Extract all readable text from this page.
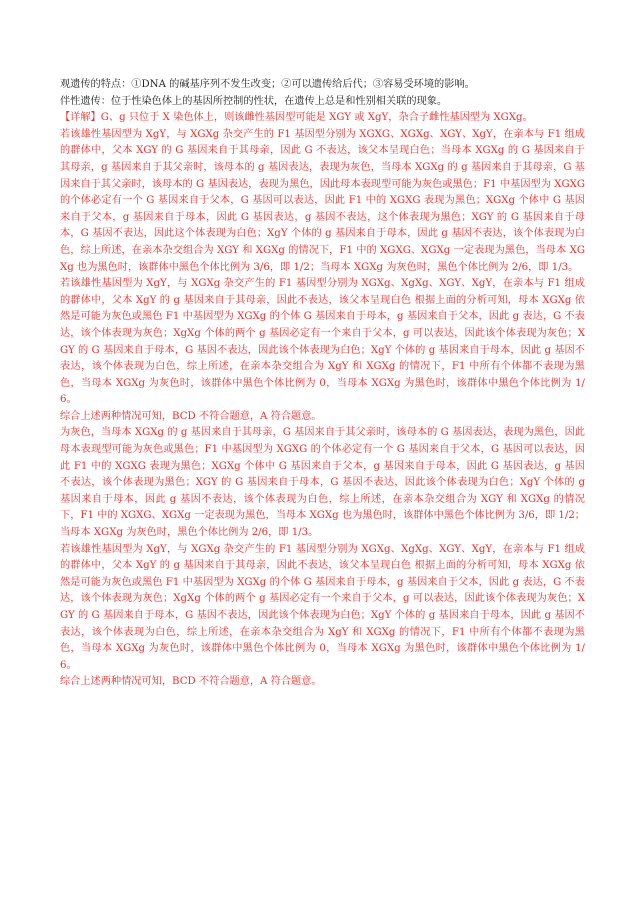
观遗传的特点：①DNA 的碱基序列不发生改变；②可以遗传给后代；③容易受环境的影响。

伴性遗传：位于性染色体上的基因所控制的性状，在遗传上总是和性别相关联的现象。

【详解】G、g 只位于 X 染色体上，则该雌性基因型可能是 XGY 或 XgY，杂合子雌性基因型为 XGXg。

若该雄性基因型为 XgY，与 XGXg 杂交产生的 F1 基因型分别为 XGXG、XGXg、XGY、XgY，在亲本与 F1 组成的群体中，父本 XGY 的 G 基因来自于其母亲，因此 G 不表达，该父本呈现白色；当母本 XGXg 的 G 基因来自于其母亲，g 基因来自于其父亲时，该母本的 g 基因表达，表现为灰色，当母本 XGXg 的 g 基因来自于其母亲，G 基因来自于其父亲时，该母本的 G 基因表达，表现为黑色，因此母本表现型可能为灰色或黑色；F1 中基因型为 XGXG 的个体必定有一个 G 基因来自于父本，G 基因可以表达，因此 F1 中的 XGXG 表现为黑色；XGXg 个体中 G 基因来自于父本，g 基因来自于母本，因此 G 基因表达，g 基因不表达，这个体表现为黑色；XGY 的 G 基因来自于母本，G 基因不表达，因此这个体表现为白色；XgY 个体的 g 基因来自于母本，因此 g 基因不表达，该个体表现为白色，综上所述，在亲本杂交组合为 XGY 和 XGXg 的情况下，F1 中的 XGXG、XGXg 一定表现为黑色，当母本 XGXg 也为黑色时，该群体中黑色个体比例为 3/6，即 1/2；当母本 XGXg 为灰色时，黑色个体比例为 2/6，即 1/3。

若该雄性基因型为 XgY，与 XGXg 杂交产生的 F1 基因型分别为 XGXg、XgXg、XGY、XgY，在亲本与 F1 组成的群体中，父本 XgY 的 g 基因来自于其母亲，因此不表达，该父本呈现白色 根据上面的分析可知，母本 XGXg 依然是可能为灰色或黑色 F1 中基因型为 XGXg 的个体 G 基因来自于母本，g 基因来自于父本，因此 g 表达，G 不表达，该个体表现为灰色；XgXg 个体的两个 g 基因必定有一个来自于父本，g 可以表达，因此该个体表现为灰色；XGY 的 G 基因来自于母本，G 基因不表达，因此该个体表现为白色；XgY 个体的 g 基因来自于母本，因此 g 基因不表达，该个体表现为白色，综上所述，在亲本杂交组合为 XgY 和 XGXg 的情况下，F1 中所有个体都不表现为黑色，当母本 XGXg 为灰色时，该群体中黑色个体比例为 0，当母本 XGXg 为黑色时，该群体中黑色个体比例为 1/6。

综合上述两种情况可知，BCD 不符合题意，A 符合题意。

为灰色，当母本 XGXg 的 g 基因来自于其母亲，G 基因来自于其父亲时，该母本的 G 基因表达，表现为黑色，因此母本表现型可能为灰色或黑色；F1 中基因型为 XGXG 的个体必定有一个 G 基因来自于父本，G 基因可以表达，因此 F1 中的 XGXG 表现为黑色；XGXg 个体中 G 基因来自于父本，g 基因来自于母本，因此 G 基因表达，g 基因不表达，该个体表现为黑色；XGY 的 G 基因来自于母本，G 基因不表达，因此该个体表现为白色；XgY 个体的 g 基因来自于母本，因此 g 基因不表达，该个体表现为白色，综上所述，在亲本杂交组合为 XGY 和 XGXg 的情况下，F1 中的 XGXG、XGXg 一定表现为黑色，当母本 XGXg 也为黑色时，该群体中黑色个体比例为 3/6，即 1/2；当母本 XGXg 为灰色时，黑色个体比例为 2/6，即 1/3。

若该雄性基因型为 XgY，与 XGXg 杂交产生的 F1 基因型分别为 XGXg、XgXg、XGY、XgY，在亲本与 F1 组成的群体中，父本 XgY 的 g 基因来自于其母亲，因此不表达，该父本呈现白色 根据上面的分析可知，母本 XGXg 依然是可能为灰色或黑色 F1 中基因型为 XGXg 的个体 G 基因来自于母本，g 基因来自于父本，因此 g 表达，G 不表达，该个体表现为灰色；XgXg 个体的两个 g 基因必定有一个来自于父本，g 可以表达，因此该个体表现为灰色；XGY 的 G 基因来自于母本，G 基因不表达，因此该个体表现为白色；XgY 个体的 g 基因来自于母本，因此 g 基因不表达，该个体表现为白色，综上所述，在亲本杂交组合为 XgY 和 XGXg 的情况下，F1 中所有个体都不表现为黑色，当母本 XGXg 为灰色时，该群体中黑色个体比例为 0，当母本 XGXg 为黑色时，该群体中黑色个体比例为 1/6。

综合上述两种情况可知，BCD 不符合题意，A 符合题意。
